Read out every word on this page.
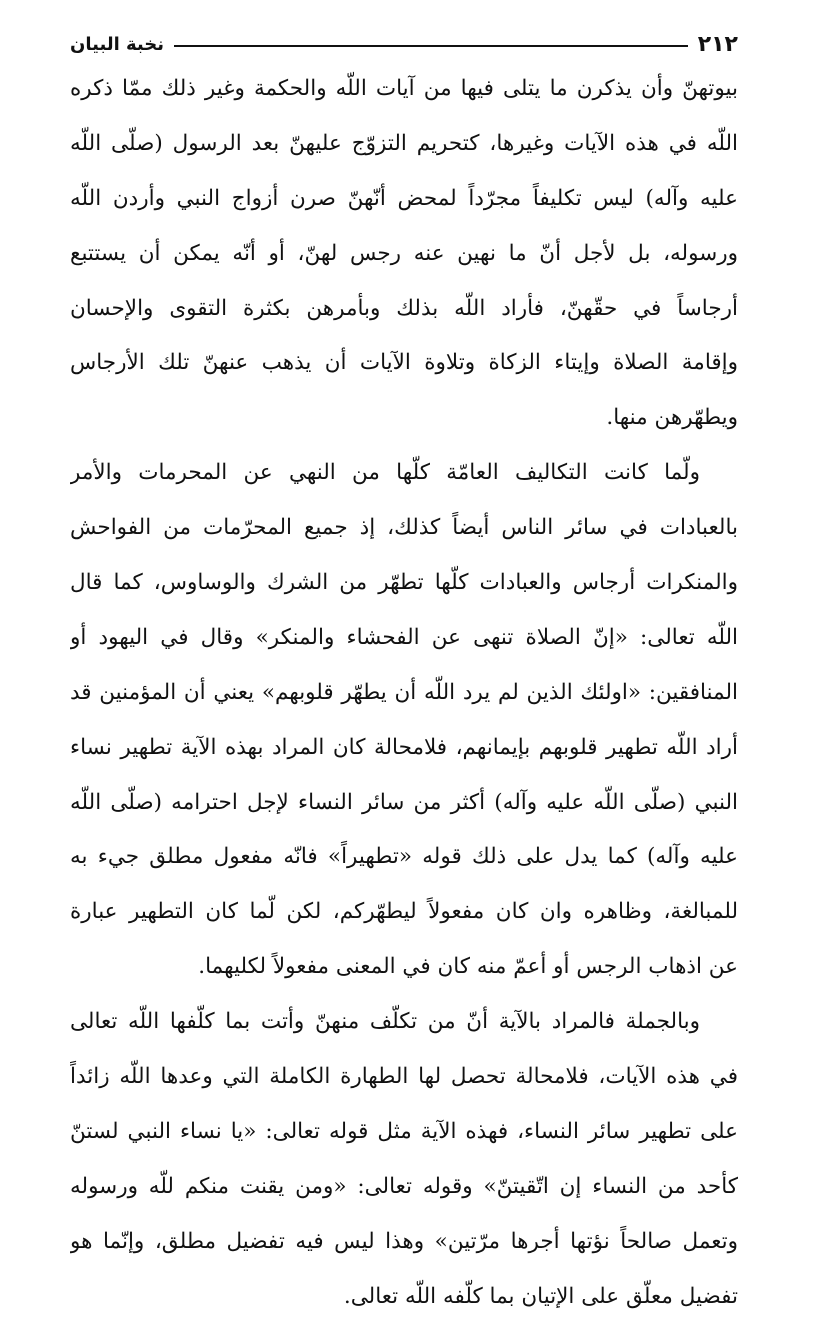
٢١٢
نخبة البيان
بيوتهنّ وأن يذكرن ما يتلى فيها من آيات اللّه والحكمة وغير ذلك ممّا ذكره
اللّه في هذه الآيات وغيرها، كتحريم التزوّج عليهنّ بعد الرسول (صلّى اللّه
عليه وآله) ليس تكليفاً مجرّداً لمحض أنّهنّ صرن أزواج النبي وأردن اللّه
ورسوله، بل لأجل أنّ ما نهين عنه رجس لهنّ، أو أنّه يمكن أن يستتبع
أرجاساً في حقّهنّ، فأراد اللّه بذلك وبأمرهن بكثرة التقوى والإحسان
وإقامة الصلاة وإيتاء الزكاة وتلاوة الآيات أن يذهب عنهنّ تلك الأرجاس
ويطهّرهن منها.
ولّما كانت التكاليف العامّة كلّها من النهي عن المحرمات والأمر
بالعبادات في سائر الناس أيضاً كذلك، إذ جميع المحرّمات من الفواحش
والمنكرات أرجاس والعبادات كلّها تطهّر من الشرك والوساوس، كما قال
اللّه تعالى: «إنّ الصلاة تنهى عن الفحشاء والمنكر» وقال في اليهود أو
المنافقين: «اولئك الذين لم يرد اللّه أن يطهّر قلوبهم» يعني أن المؤمنين قد
أراد اللّه تطهير قلوبهم بإيمانهم، فلامحالة كان المراد بهذه الآية تطهير نساء
النبي (صلّى اللّه عليه وآله) أكثر من سائر النساء لإجل احترامه (صلّى اللّه
عليه وآله) كما يدل على ذلك قوله «تطهيراً» فانّه مفعول مطلق جيء به
للمبالغة، وظاهره وان كان مفعولاً ليطهّركم، لكن لّما كان التطهير عبارة
عن اذهاب الرجس أو أعمّ منه كان في المعنى مفعولاً لكليهما.
وبالجملة فالمراد بالآية أنّ من تكلّف منهنّ وأتت بما كلّفها اللّه تعالى
في هذه الآيات، فلامحالة تحصل لها الطهارة الكاملة التي وعدها اللّه زائداً
على تطهير سائر النساء، فهذه الآية مثل قوله تعالى: «يا نساء النبي لستنّ
كأحد من النساء إن اتّقيتنّ» وقوله تعالى: «ومن يقنت منكم للّه ورسوله
وتعمل صالحاً نؤتها أجرها مرّتين» وهذا ليس فيه تفضيل مطلق، وإنّما هو
تفضيل معلّق على الإتيان بما كلّفه اللّه تعالى.
